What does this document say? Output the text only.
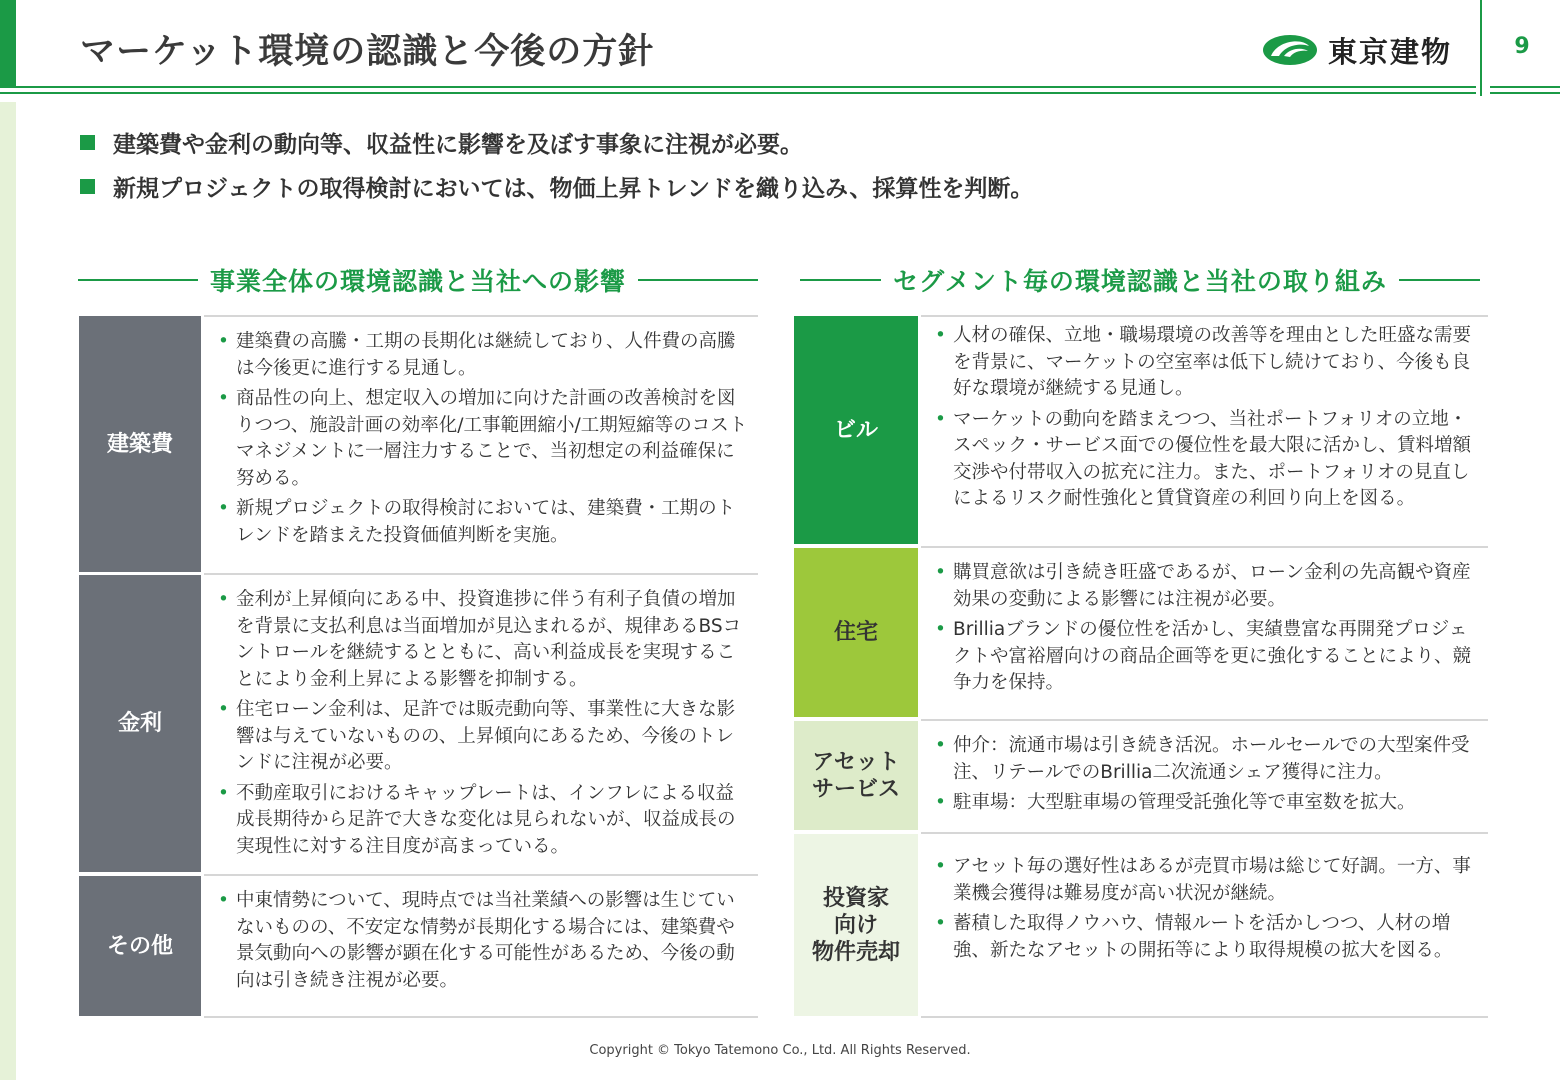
マーケット環境の認識と今後の方針	東京建物	9
建築費や金利の動向等、収益性に影響を及ぼす事象に注視が必要。
新規プロジェクトの取得検討においては、物価上昇トレンドを織り込み、採算性を判断。
事業全体の環境認識と当社への影響	セグメント毎の環境認識と当社の取り組み
建築費
• 建築費の高騰・工期の長期化は継続しており、人件費の高騰は今後更に進行する見通し。
• 商品性の向上、想定収入の増加に向けた計画の改善検討を図りつつ、施設計画の効率化/工事範囲縮小/工期短縮等のコストマネジメントに一層注力することで、当初想定の利益確保に努める。
• 新規プロジェクトの取得検討においては、建築費・工期のトレンドを踏まえた投資価値判断を実施。
金利
• 金利が上昇傾向にある中、投資進捗に伴う有利子負債の増加を背景に支払利息は当面増加が見込まれるが、規律あるBSコントロールを継続するとともに、高い利益成長を実現することにより金利上昇による影響を抑制する。
• 住宅ローン金利は、足許では販売動向等、事業性に大きな影響は与えていないものの、上昇傾向にあるため、今後のトレンドに注視が必要。
• 不動産取引におけるキャップレートは、インフレによる収益成長期待から足許で大きな変化は見られないが、収益成長の実現性に対する注目度が高まっている。
その他
• 中東情勢について、現時点では当社業績への影響は生じていないものの、不安定な情勢が長期化する場合には、建築費や景気動向への影響が顕在化する可能性があるため、今後の動向は引き続き注視が必要。
ビル
• 人材の確保、立地・職場環境の改善等を理由とした旺盛な需要を背景に、マーケットの空室率は低下し続けており、今後も良好な環境が継続する見通し。
• マーケットの動向を踏まえつつ、当社ポートフォリオの立地・スペック・サービス面での優位性を最大限に活かし、賃料増額交渉や付帯収入の拡充に注力。また、ポートフォリオの見直しによるリスク耐性強化と賃貸資産の利回り向上を図る。
住宅
• 購買意欲は引き続き旺盛であるが、ローン金利の先高観や資産効果の変動による影響には注視が必要。
• Brilliaブランドの優位性を活かし、実績豊富な再開発プロジェクトや富裕層向けの商品企画等を更に強化することにより、競争力を保持。
アセット
サービス
• 仲介：流通市場は引き続き活況。ホールセールでの大型案件受注、リテールでのBrillia二次流通シェア獲得に注力。
• 駐車場：大型駐車場の管理受託強化等で車室数を拡大。
投資家
向け
物件売却
• アセット毎の選好性はあるが売買市場は総じて好調。一方、事業機会獲得は難易度が高い状況が継続。
• 蓄積した取得ノウハウ、情報ルートを活かしつつ、人材の増強、新たなアセットの開拓等により取得規模の拡大を図る。
Copyright © Tokyo Tatemono Co., Ltd. All Rights Reserved.
